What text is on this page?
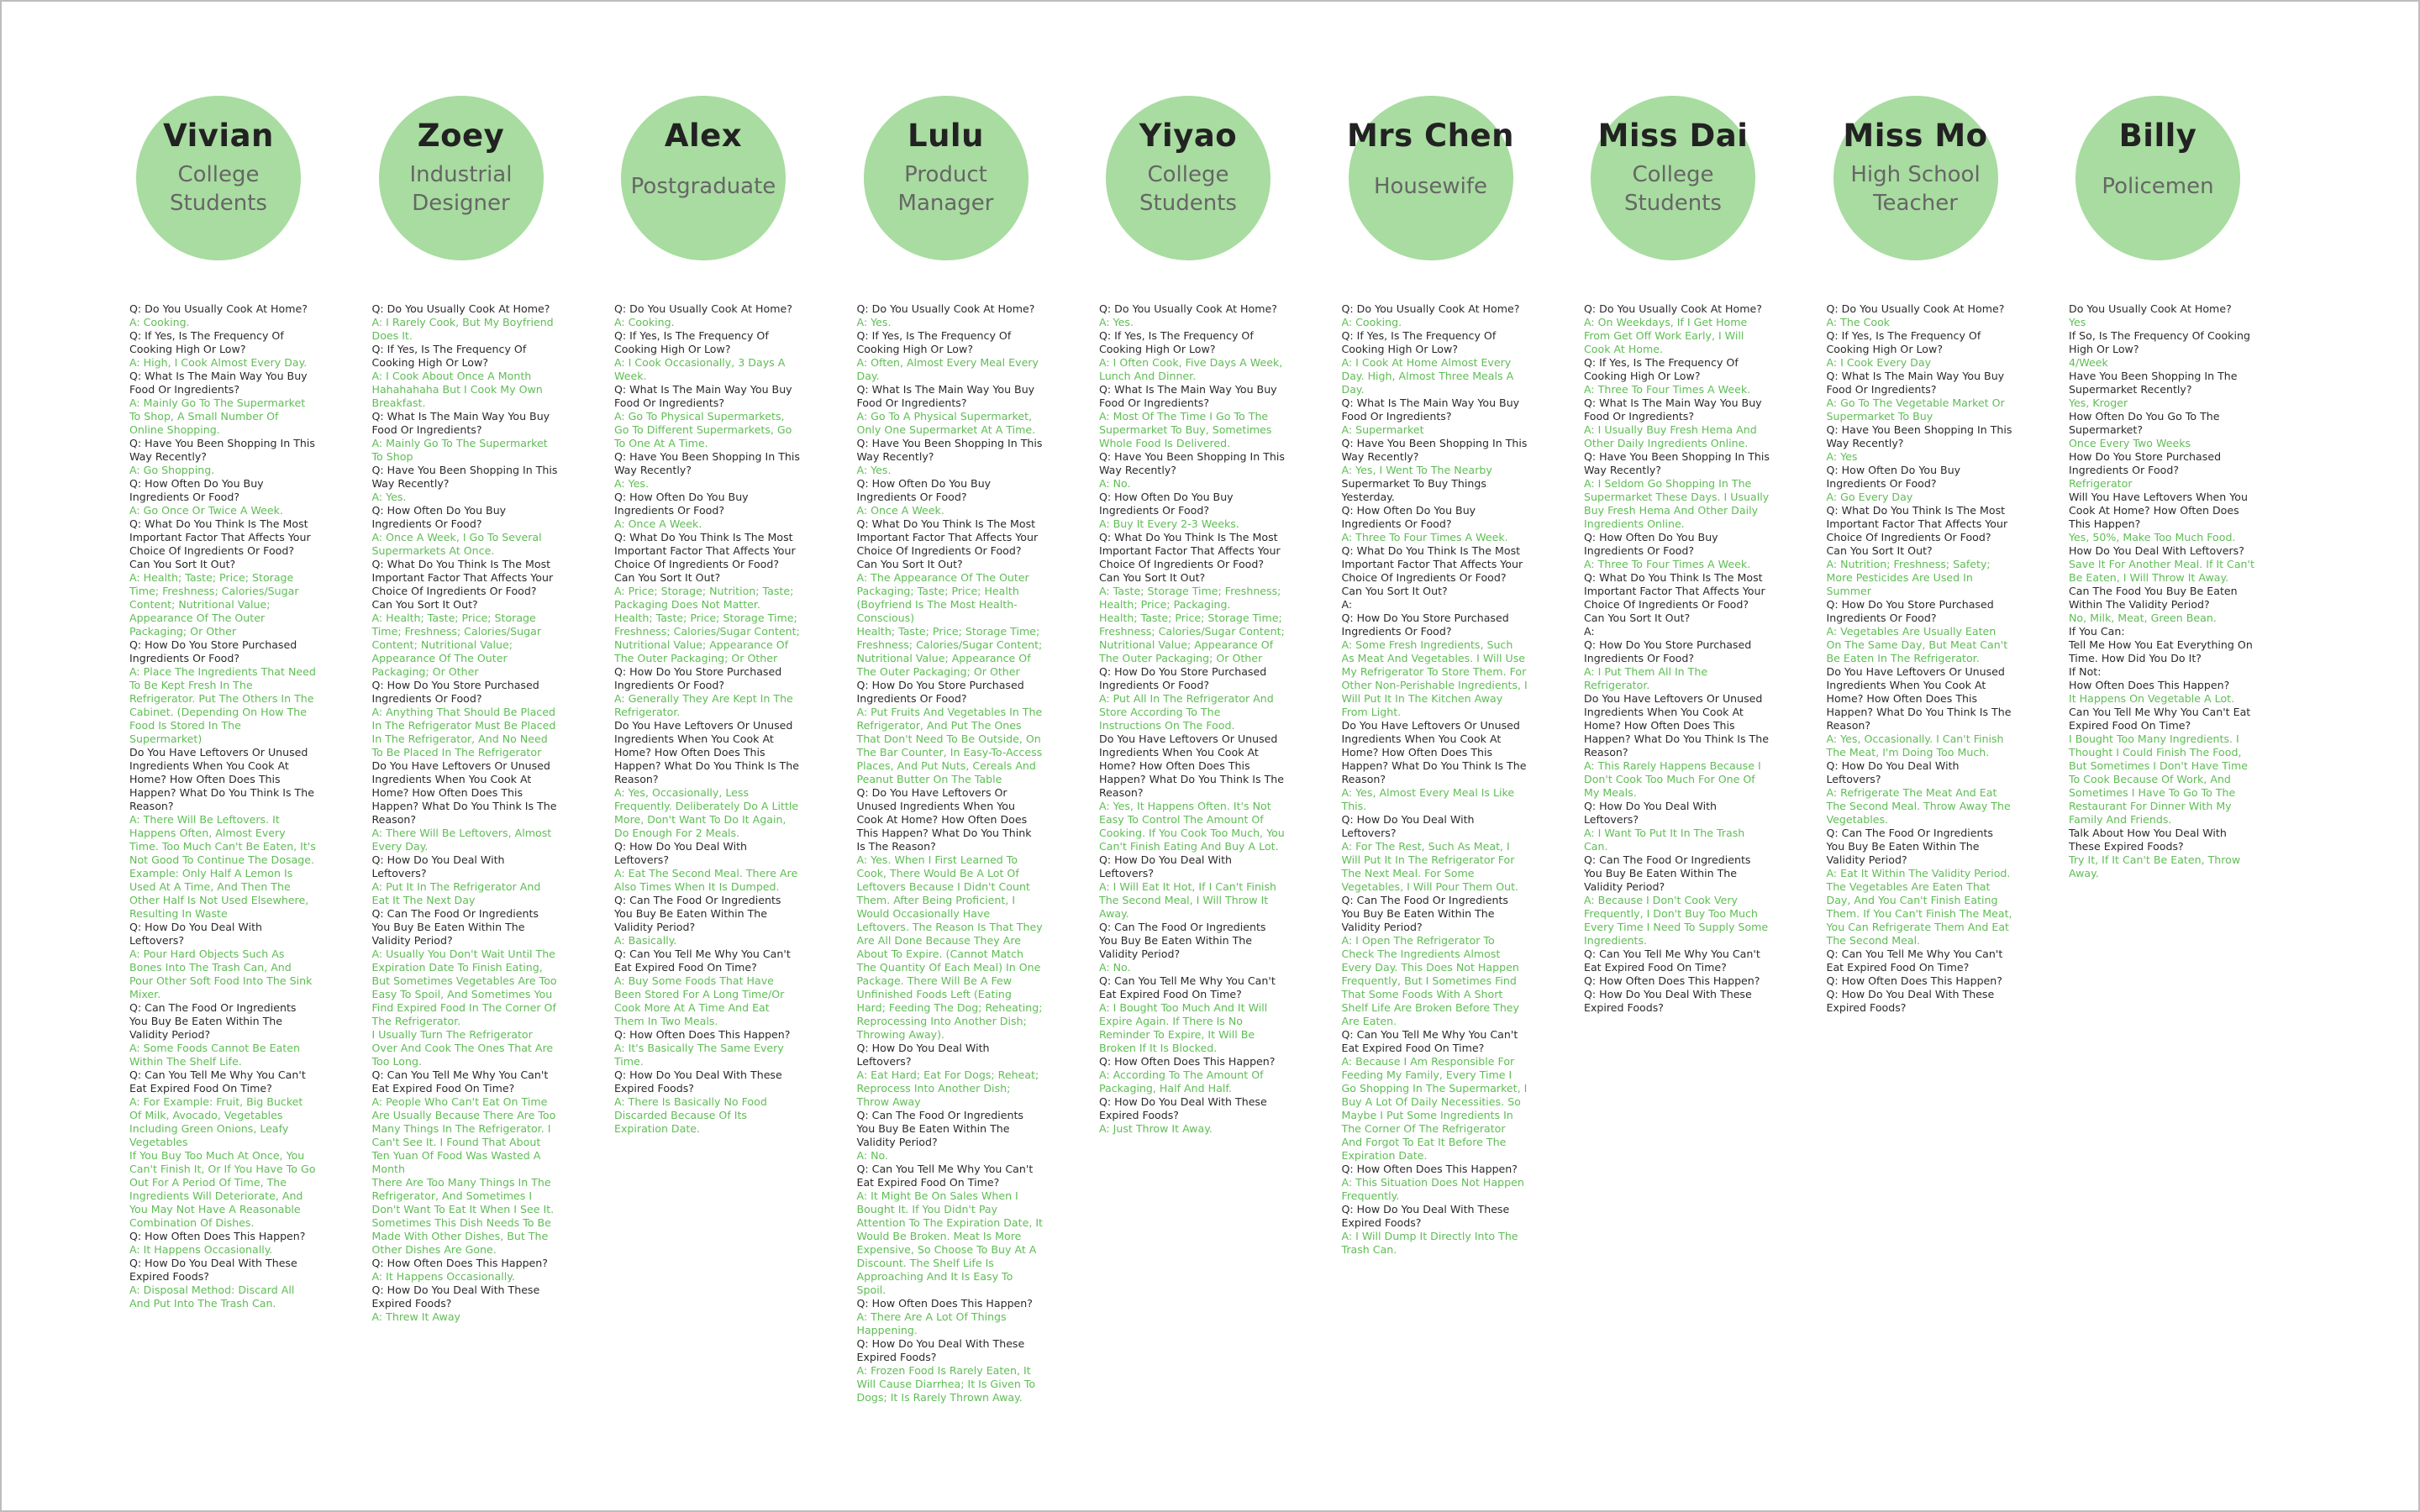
Vivian
College
Students
Q: Do You Usually Cook At Home?
A: Cooking.
Q: If Yes, Is The Frequency Of Cooking High Or Low?
A: High, I Cook Almost Every Day.
Q: What Is The Main Way You Buy Food Or Ingredients?
A: Mainly Go To The Supermarket To Shop, A Small Number Of Online Shopping.
Q: Have You Been Shopping In This Way Recently?
A: Go Shopping.
Q: How Often Do You Buy Ingredients Or Food?
A: Go Once Or Twice A Week.
Q: What Do You Think Is The Most Important Factor That Affects Your Choice Of Ingredients Or Food? Can You Sort It Out?
A: Health; Taste; Price; Storage Time; Freshness; Calories/Sugar Content; Nutritional Value; Appearance Of The Outer Packaging; Or Other
Q: How Do You Store Purchased Ingredients Or Food?
A: Place The Ingredients That Need To Be Kept Fresh In The Refrigerator. Put The Others In The Cabinet. (Depending On How The Food Is Stored In The Supermarket)
Do You Have Leftovers Or Unused Ingredients When You Cook At Home? How Often Does This Happen? What Do You Think Is The Reason?
A: There Will Be Leftovers. It Happens Often, Almost Every Time. Too Much Can't Be Eaten, It's Not Good To Continue The Dosage.
Example: Only Half A Lemon Is Used At A Time, And Then The Other Half Is Not Used Elsewhere, Resulting In Waste
Q: How Do You Deal With Leftovers?
A: Pour Hard Objects Such As Bones Into The Trash Can, And Pour Other Soft Food Into The Sink Mixer.
Q: Can The Food Or Ingredients You Buy Be Eaten Within The Validity Period?
A: Some Foods Cannot Be Eaten Within The Shelf Life.
Q: Can You Tell Me Why You Can't Eat Expired Food On Time?
A: For Example: Fruit, Big Bucket Of Milk, Avocado, Vegetables Including Green Onions, Leafy Vegetables
If You Buy Too Much At Once, You Can't Finish It, Or If You Have To Go Out For A Period Of Time, The Ingredients Will Deteriorate, And You May Not Have A Reasonable Combination Of Dishes.
Q: How Often Does This Happen?
A: It Happens Occasionally.
Q: How Do You Deal With These Expired Foods?
A: Disposal Method: Discard All And Put Into The Trash Can.
Zoey
Industrial
Designer
Q: Do You Usually Cook At Home?
A: I Rarely Cook, But My Boyfriend Does It.
Q: If Yes, Is The Frequency Of Cooking High Or Low?
A: I Cook About Once A Month Hahahahaha But I Cook My Own Breakfast.
Q: What Is The Main Way You Buy Food Or Ingredients?
A: Mainly Go To The Supermarket To Shop
Q: Have You Been Shopping In This Way Recently?
A: Yes.
Q: How Often Do You Buy Ingredients Or Food?
A: Once A Week, I Go To Several Supermarkets At Once.
Q: What Do You Think Is The Most Important Factor That Affects Your Choice Of Ingredients Or Food? Can You Sort It Out?
A: Health; Taste; Price; Storage Time; Freshness; Calories/Sugar Content; Nutritional Value; Appearance Of The Outer Packaging; Or Other
Q: How Do You Store Purchased Ingredients Or Food?
A: Anything That Should Be Placed In The Refrigerator Must Be Placed In The Refrigerator, And No Need To Be Placed In The Refrigerator
Do You Have Leftovers Or Unused Ingredients When You Cook At Home? How Often Does This Happen? What Do You Think Is The Reason?
A: There Will Be Leftovers, Almost Every Day.
Q: How Do You Deal With Leftovers?
A: Put It In The Refrigerator And Eat It The Next Day
Q: Can The Food Or Ingredients You Buy Be Eaten Within The Validity Period?
A: Usually You Don't Wait Until The Expiration Date To Finish Eating, But Sometimes Vegetables Are Too Easy To Spoil, And Sometimes You Find Expired Food In The Corner Of The Refrigerator.
I Usually Turn The Refrigerator Over And Cook The Ones That Are Too Long.
Q: Can You Tell Me Why You Can't Eat Expired Food On Time?
A: People Who Can't Eat On Time Are Usually Because There Are Too Many Things In The Refrigerator. I Can't See It. I Found That About Ten Yuan Of Food Was Wasted A Month
There Are Too Many Things In The Refrigerator, And Sometimes I Don't Want To Eat It When I See It. Sometimes This Dish Needs To Be Made With Other Dishes, But The Other Dishes Are Gone.
Q: How Often Does This Happen?
A: It Happens Occasionally.
Q: How Do You Deal With These Expired Foods?
A: Threw It Away
Alex
Postgraduate
Q: Do You Usually Cook At Home?
A: Cooking.
Q: If Yes, Is The Frequency Of Cooking High Or Low?
A: I Cook Occasionally, 3 Days A Week.
Q: What Is The Main Way You Buy Food Or Ingredients?
A: Go To Physical Supermarkets, Go To Different Supermarkets, Go To One At A Time.
Q: Have You Been Shopping In This Way Recently?
A: Yes.
Q: How Often Do You Buy Ingredients Or Food?
A: Once A Week.
Q: What Do You Think Is The Most Important Factor That Affects Your Choice Of Ingredients Or Food? Can You Sort It Out?
A: Price; Storage; Nutrition; Taste; Packaging Does Not Matter.
Health; Taste; Price; Storage Time; Freshness; Calories/Sugar Content; Nutritional Value; Appearance Of The Outer Packaging; Or Other
Q: How Do You Store Purchased Ingredients Or Food?
A: Generally They Are Kept In The Refrigerator.
Do You Have Leftovers Or Unused Ingredients When You Cook At Home? How Often Does This Happen? What Do You Think Is The Reason?
A: Yes, Occasionally, Less Frequently. Deliberately Do A Little More, Don't Want To Do It Again, Do Enough For 2 Meals.
Q: How Do You Deal With Leftovers?
A: Eat The Second Meal. There Are Also Times When It Is Dumped.
Q: Can The Food Or Ingredients You Buy Be Eaten Within The Validity Period?
A: Basically.
Q: Can You Tell Me Why You Can't Eat Expired Food On Time?
A: Buy Some Foods That Have Been Stored For A Long Time/Or Cook More At A Time And Eat Them In Two Meals.
Q: How Often Does This Happen?
A: It's Basically The Same Every Time.
Q: How Do You Deal With These Expired Foods?
A: There Is Basically No Food Discarded Because Of Its Expiration Date.
Lulu
Product
Manager
Q: Do You Usually Cook At Home?
A: Yes.
Q: If Yes, Is The Frequency Of Cooking High Or Low?
A: Often, Almost Every Meal Every Day.
Q: What Is The Main Way You Buy Food Or Ingredients?
A: Go To A Physical Supermarket, Only One Supermarket At A Time.
Q: Have You Been Shopping In This Way Recently?
A: Yes.
Q: How Often Do You Buy Ingredients Or Food?
A: Once A Week.
Q: What Do You Think Is The Most Important Factor That Affects Your Choice Of Ingredients Or Food? Can You Sort It Out?
A: The Appearance Of The Outer Packaging; Taste; Price; Health (Boyfriend Is The Most Health-Conscious)
Health; Taste; Price; Storage Time; Freshness; Calories/Sugar Content; Nutritional Value; Appearance Of The Outer Packaging; Or Other
Q: How Do You Store Purchased Ingredients Or Food?
A: Put Fruits And Vegetables In The Refrigerator, And Put The Ones That Don't Need To Be Outside, On The Bar Counter, In Easy-To-Access Places, And Put Nuts, Cereals And Peanut Butter On The Table
Q: Do You Have Leftovers Or Unused Ingredients When You Cook At Home? How Often Does This Happen? What Do You Think Is The Reason?
A: Yes. When I First Learned To Cook, There Would Be A Lot Of Leftovers Because I Didn't Count Them. After Being Proficient, I Would Occasionally Have Leftovers. The Reason Is That They Are All Done Because They Are About To Expire. (Cannot Match The Quantity Of Each Meal) In One Package. There Will Be A Few Unfinished Foods Left (Eating Hard; Feeding The Dog; Reheating; Reprocessing Into Another Dish; Throwing Away).
Q: How Do You Deal With Leftovers?
A: Eat Hard; Eat For Dogs; Reheat; Reprocess Into Another Dish; Throw Away
Q: Can The Food Or Ingredients You Buy Be Eaten Within The Validity Period?
A: No.
Q: Can You Tell Me Why You Can't Eat Expired Food On Time?
A: It Might Be On Sales When I Bought It. If You Didn't Pay Attention To The Expiration Date, It Would Be Broken. Meat Is More Expensive, So Choose To Buy At A Discount. The Shelf Life Is Approaching And It Is Easy To Spoil.
Q: How Often Does This Happen?
A: There Are A Lot Of Things Happening.
Q: How Do You Deal With These Expired Foods?
A: Frozen Food Is Rarely Eaten, It Will Cause Diarrhea; It Is Given To Dogs; It Is Rarely Thrown Away.
Yiyao
College
Students
Q: Do You Usually Cook At Home?
A: Yes.
Q: If Yes, Is The Frequency Of Cooking High Or Low?
A: I Often Cook, Five Days A Week, Lunch And Dinner.
Q: What Is The Main Way You Buy Food Or Ingredients?
A: Most Of The Time I Go To The Supermarket To Buy, Sometimes Whole Food Is Delivered.
Q: Have You Been Shopping In This Way Recently?
A: No.
Q: How Often Do You Buy Ingredients Or Food?
A: Buy It Every 2-3 Weeks.
Q: What Do You Think Is The Most Important Factor That Affects Your Choice Of Ingredients Or Food? Can You Sort It Out?
A: Taste; Storage Time; Freshness; Health; Price; Packaging.
Health; Taste; Price; Storage Time; Freshness; Calories/Sugar Content; Nutritional Value; Appearance Of The Outer Packaging; Or Other
Q: How Do You Store Purchased Ingredients Or Food?
A: Put All In The Refrigerator And Store According To The Instructions On The Food.
Do You Have Leftovers Or Unused Ingredients When You Cook At Home? How Often Does This Happen? What Do You Think Is The Reason?
A: Yes, It Happens Often. It's Not Easy To Control The Amount Of Cooking. If You Cook Too Much, You Can't Finish Eating And Buy A Lot.
Q: How Do You Deal With Leftovers?
A: I Will Eat It Hot, If I Can't Finish The Second Meal, I Will Throw It Away.
Q: Can The Food Or Ingredients You Buy Be Eaten Within The Validity Period?
A: No.
Q: Can You Tell Me Why You Can't Eat Expired Food On Time?
A: I Bought Too Much And It Will Expire Again. If There Is No Reminder To Expire, It Will Be Broken If It Is Blocked.
Q: How Often Does This Happen?
A: According To The Amount Of Packaging, Half And Half.
Q: How Do You Deal With These Expired Foods?
A: Just Throw It Away.
Mrs Chen
Housewife
Q: Do You Usually Cook At Home?
A: Cooking.
Q: If Yes, Is The Frequency Of Cooking High Or Low?
A: I Cook At Home Almost Every Day. High, Almost Three Meals A Day.
Q: What Is The Main Way You Buy Food Or Ingredients?
A: Supermarket
Q: Have You Been Shopping In This Way Recently?
A: Yes, I Went To The Nearby
Supermarket To Buy Things Yesterday.
Q: How Often Do You Buy Ingredients Or Food?
A: Three To Four Times A Week.
Q: What Do You Think Is The Most Important Factor That Affects Your Choice Of Ingredients Or Food? Can You Sort It Out?
A:
Q: How Do You Store Purchased Ingredients Or Food?
A: Some Fresh Ingredients, Such As Meat And Vegetables. I Will Use My Refrigerator To Store Them. For Other Non-Perishable Ingredients, I Will Put It In The Kitchen Away From Light.
Do You Have Leftovers Or Unused Ingredients When You Cook At Home? How Often Does This Happen? What Do You Think Is The Reason?
A: Yes, Almost Every Meal Is Like This.
Q: How Do You Deal With Leftovers?
A: For The Rest, Such As Meat, I Will Put It In The Refrigerator For The Next Meal. For Some Vegetables, I Will Pour Them Out.
Q: Can The Food Or Ingredients You Buy Be Eaten Within The Validity Period?
A: I Open The Refrigerator To Check The Ingredients Almost Every Day. This Does Not Happen Frequently, But I Sometimes Find That Some Foods With A Short Shelf Life Are Broken Before They Are Eaten.
Q: Can You Tell Me Why You Can't Eat Expired Food On Time?
A: Because I Am Responsible For Feeding My Family, Every Time I Go Shopping In The Supermarket, I Buy A Lot Of Daily Necessities. So Maybe I Put Some Ingredients In The Corner Of The Refrigerator And Forgot To Eat It Before The Expiration Date.
Q: How Often Does This Happen?
A: This Situation Does Not Happen Frequently.
Q: How Do You Deal With These Expired Foods?
A: I Will Dump It Directly Into The Trash Can.
Miss Dai
College
Students
Q: Do You Usually Cook At Home?
A: On Weekdays, If I Get Home From Get Off Work Early, I Will Cook At Home.
Q: If Yes, Is The Frequency Of Cooking High Or Low?
A: Three To Four Times A Week.
Q: What Is The Main Way You Buy Food Or Ingredients?
A: I Usually Buy Fresh Hema And Other Daily Ingredients Online.
Q: Have You Been Shopping In This Way Recently?
A: I Seldom Go Shopping In The Supermarket These Days. I Usually Buy Fresh Hema And Other Daily Ingredients Online.
Q: How Often Do You Buy Ingredients Or Food?
A: Three To Four Times A Week.
Q: What Do You Think Is The Most Important Factor That Affects Your Choice Of Ingredients Or Food? Can You Sort It Out?
A:
Q: How Do You Store Purchased Ingredients Or Food?
A: I Put Them All In The Refrigerator.
Do You Have Leftovers Or Unused Ingredients When You Cook At Home? How Often Does This Happen? What Do You Think Is The Reason?
A: This Rarely Happens Because I Don't Cook Too Much For One Of My Meals.
Q: How Do You Deal With Leftovers?
A: I Want To Put It In The Trash Can.
Q: Can The Food Or Ingredients You Buy Be Eaten Within The Validity Period?
A: Because I Don't Cook Very Frequently, I Don't Buy Too Much Every Time I Need To Supply Some Ingredients.
Q: Can You Tell Me Why You Can't Eat Expired Food On Time?
Q: How Often Does This Happen?
Q: How Do You Deal With These Expired Foods?
Miss Mo
High School
Teacher
Q: Do You Usually Cook At Home?
A: The Cook
Q: If Yes, Is The Frequency Of Cooking High Or Low?
A: I Cook Every Day
Q: What Is The Main Way You Buy Food Or Ingredients?
A: Go To The Vegetable Market Or Supermarket To Buy
Q: Have You Been Shopping In This Way Recently?
A: Yes
Q: How Often Do You Buy Ingredients Or Food?
A: Go Every Day
Q: What Do You Think Is The Most Important Factor That Affects Your Choice Of Ingredients Or Food? Can You Sort It Out?
A: Nutrition; Freshness; Safety; More Pesticides Are Used In Summer
Q: How Do You Store Purchased Ingredients Or Food?
A: Vegetables Are Usually Eaten On The Same Day, But Meat Can't Be Eaten In The Refrigerator.
Do You Have Leftovers Or Unused Ingredients When You Cook At Home? How Often Does This Happen? What Do You Think Is The Reason?
A: Yes, Occasionally. I Can't Finish The Meat, I'm Doing Too Much.
Q: How Do You Deal With Leftovers?
A: Refrigerate The Meat And Eat The Second Meal. Throw Away The Vegetables.
Q: Can The Food Or Ingredients You Buy Be Eaten Within The Validity Period?
A: Eat It Within The Validity Period. The Vegetables Are Eaten That Day, And You Can't Finish Eating Them. If You Can't Finish The Meat, You Can Refrigerate Them And Eat The Second Meal.
Q: Can You Tell Me Why You Can't Eat Expired Food On Time?
Q: How Often Does This Happen?
Q: How Do You Deal With These Expired Foods?
Billy
Policemen
Do You Usually Cook At Home?
Yes
If So, Is The Frequency Of Cooking High Or Low?
4/Week
Have You Been Shopping In The Supermarket Recently?
Yes, Kroger
How Often Do You Go To The Supermarket?
Once Every Two Weeks
How Do You Store Purchased Ingredients Or Food?
Refrigerator
Will You Have Leftovers When You Cook At Home? How Often Does This Happen?
Yes, 50%, Make Too Much Food.
How Do You Deal With Leftovers?
Save It For Another Meal. If It Can't Be Eaten, I Will Throw It Away.
Can The Food You Buy Be Eaten Within The Validity Period?
No, Milk, Meat, Green Bean.
If You Can:
Tell Me How You Eat Everything On Time. How Did You Do It?
If Not:
How Often Does This Happen?
It Happens On Vegetable A Lot.
Can You Tell Me Why You Can't Eat Expired Food On Time?
I Bought Too Many Ingredients. I Thought I Could Finish The Food, But Sometimes I Don't Have Time To Cook Because Of Work, And Sometimes I Have To Go To The Restaurant For Dinner With My Family And Friends.
Talk About How You Deal With These Expired Foods?
Try It, If It Can't Be Eaten, Throw Away.
